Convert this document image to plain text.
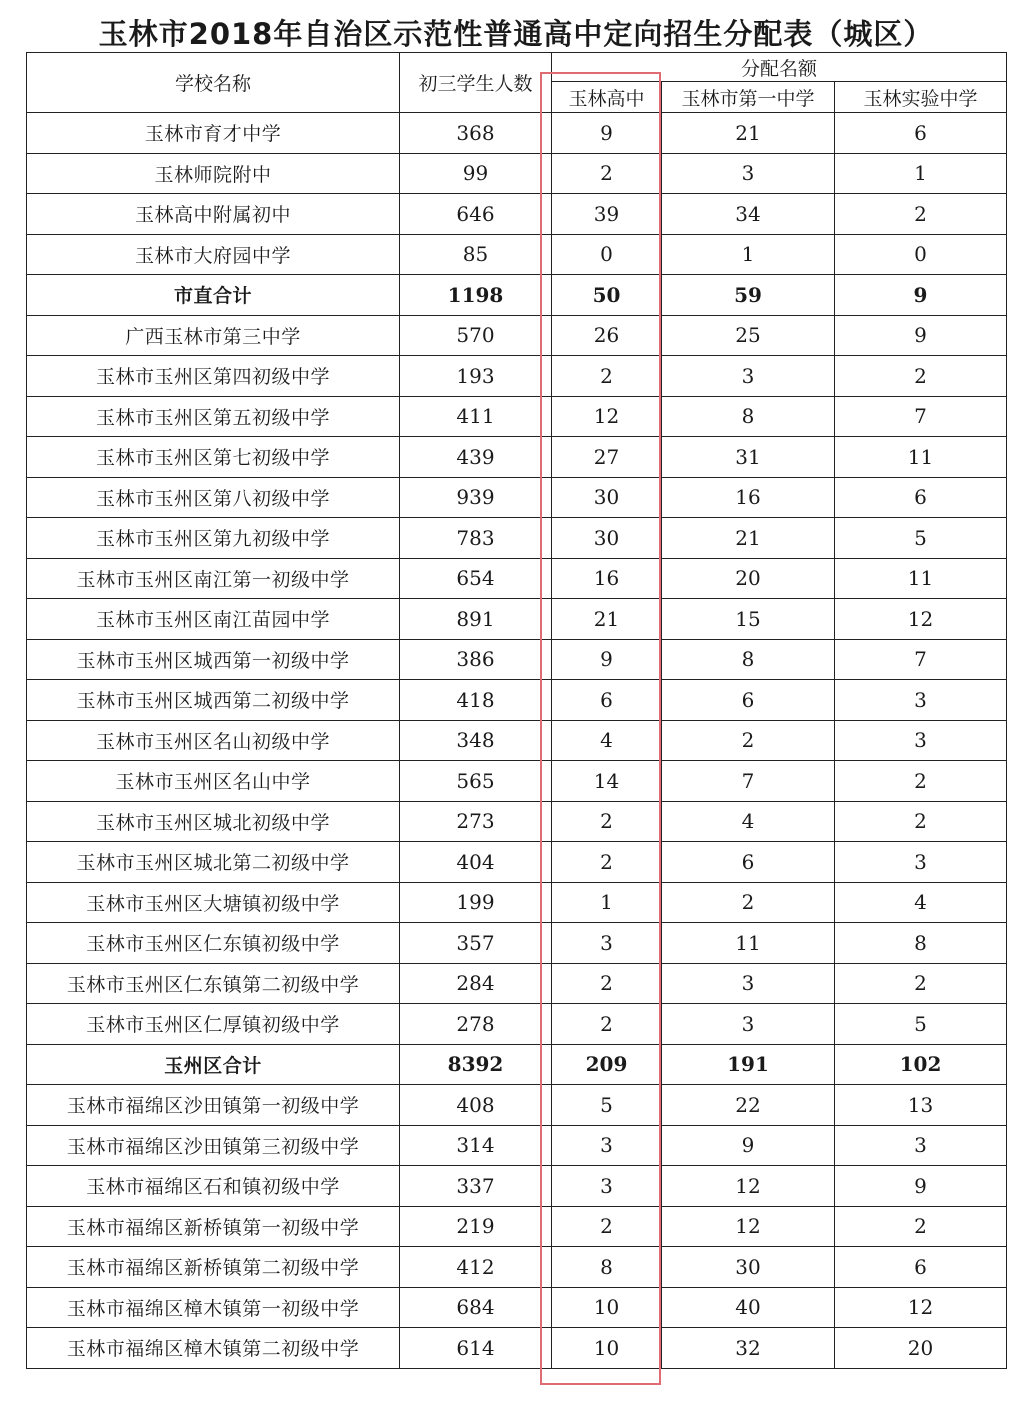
玉林市2018年自治区示范性普通高中定向招生分配表（城区）
学校名称	初三学生人数	分配名额		
		玉林高中	玉林市第一中学	玉林实验中学
玉林市育才中学	368	9	21	6
玉林师院附中	99	2	3	1
玉林高中附属初中	646	39	34	2
玉林市大府园中学	85	0	1	0
市直合计	1198	50	59	9
广西玉林市第三中学	570	26	25	9
玉林市玉州区第四初级中学	193	2	3	2
玉林市玉州区第五初级中学	411	12	8	7
玉林市玉州区第七初级中学	439	27	31	11
玉林市玉州区第八初级中学	939	30	16	6
玉林市玉州区第九初级中学	783	30	21	5
玉林市玉州区南江第一初级中学	654	16	20	11
玉林市玉州区南江苗园中学	891	21	15	12
玉林市玉州区城西第一初级中学	386	9	8	7
玉林市玉州区城西第二初级中学	418	6	6	3
玉林市玉州区名山初级中学	348	4	2	3
玉林市玉州区名山中学	565	14	7	2
玉林市玉州区城北初级中学	273	2	4	2
玉林市玉州区城北第二初级中学	404	2	6	3
玉林市玉州区大塘镇初级中学	199	1	2	4
玉林市玉州区仁东镇初级中学	357	3	11	8
玉林市玉州区仁东镇第二初级中学	284	2	3	2
玉林市玉州区仁厚镇初级中学	278	2	3	5
玉州区合计	8392	209	191	102
玉林市福绵区沙田镇第一初级中学	408	5	22	13
玉林市福绵区沙田镇第三初级中学	314	3	9	3
玉林市福绵区石和镇初级中学	337	3	12	9
玉林市福绵区新桥镇第一初级中学	219	2	12	2
玉林市福绵区新桥镇第二初级中学	412	8	30	6
玉林市福绵区樟木镇第一初级中学	684	10	40	12
玉林市福绵区樟木镇第二初级中学	614	10	32	20
